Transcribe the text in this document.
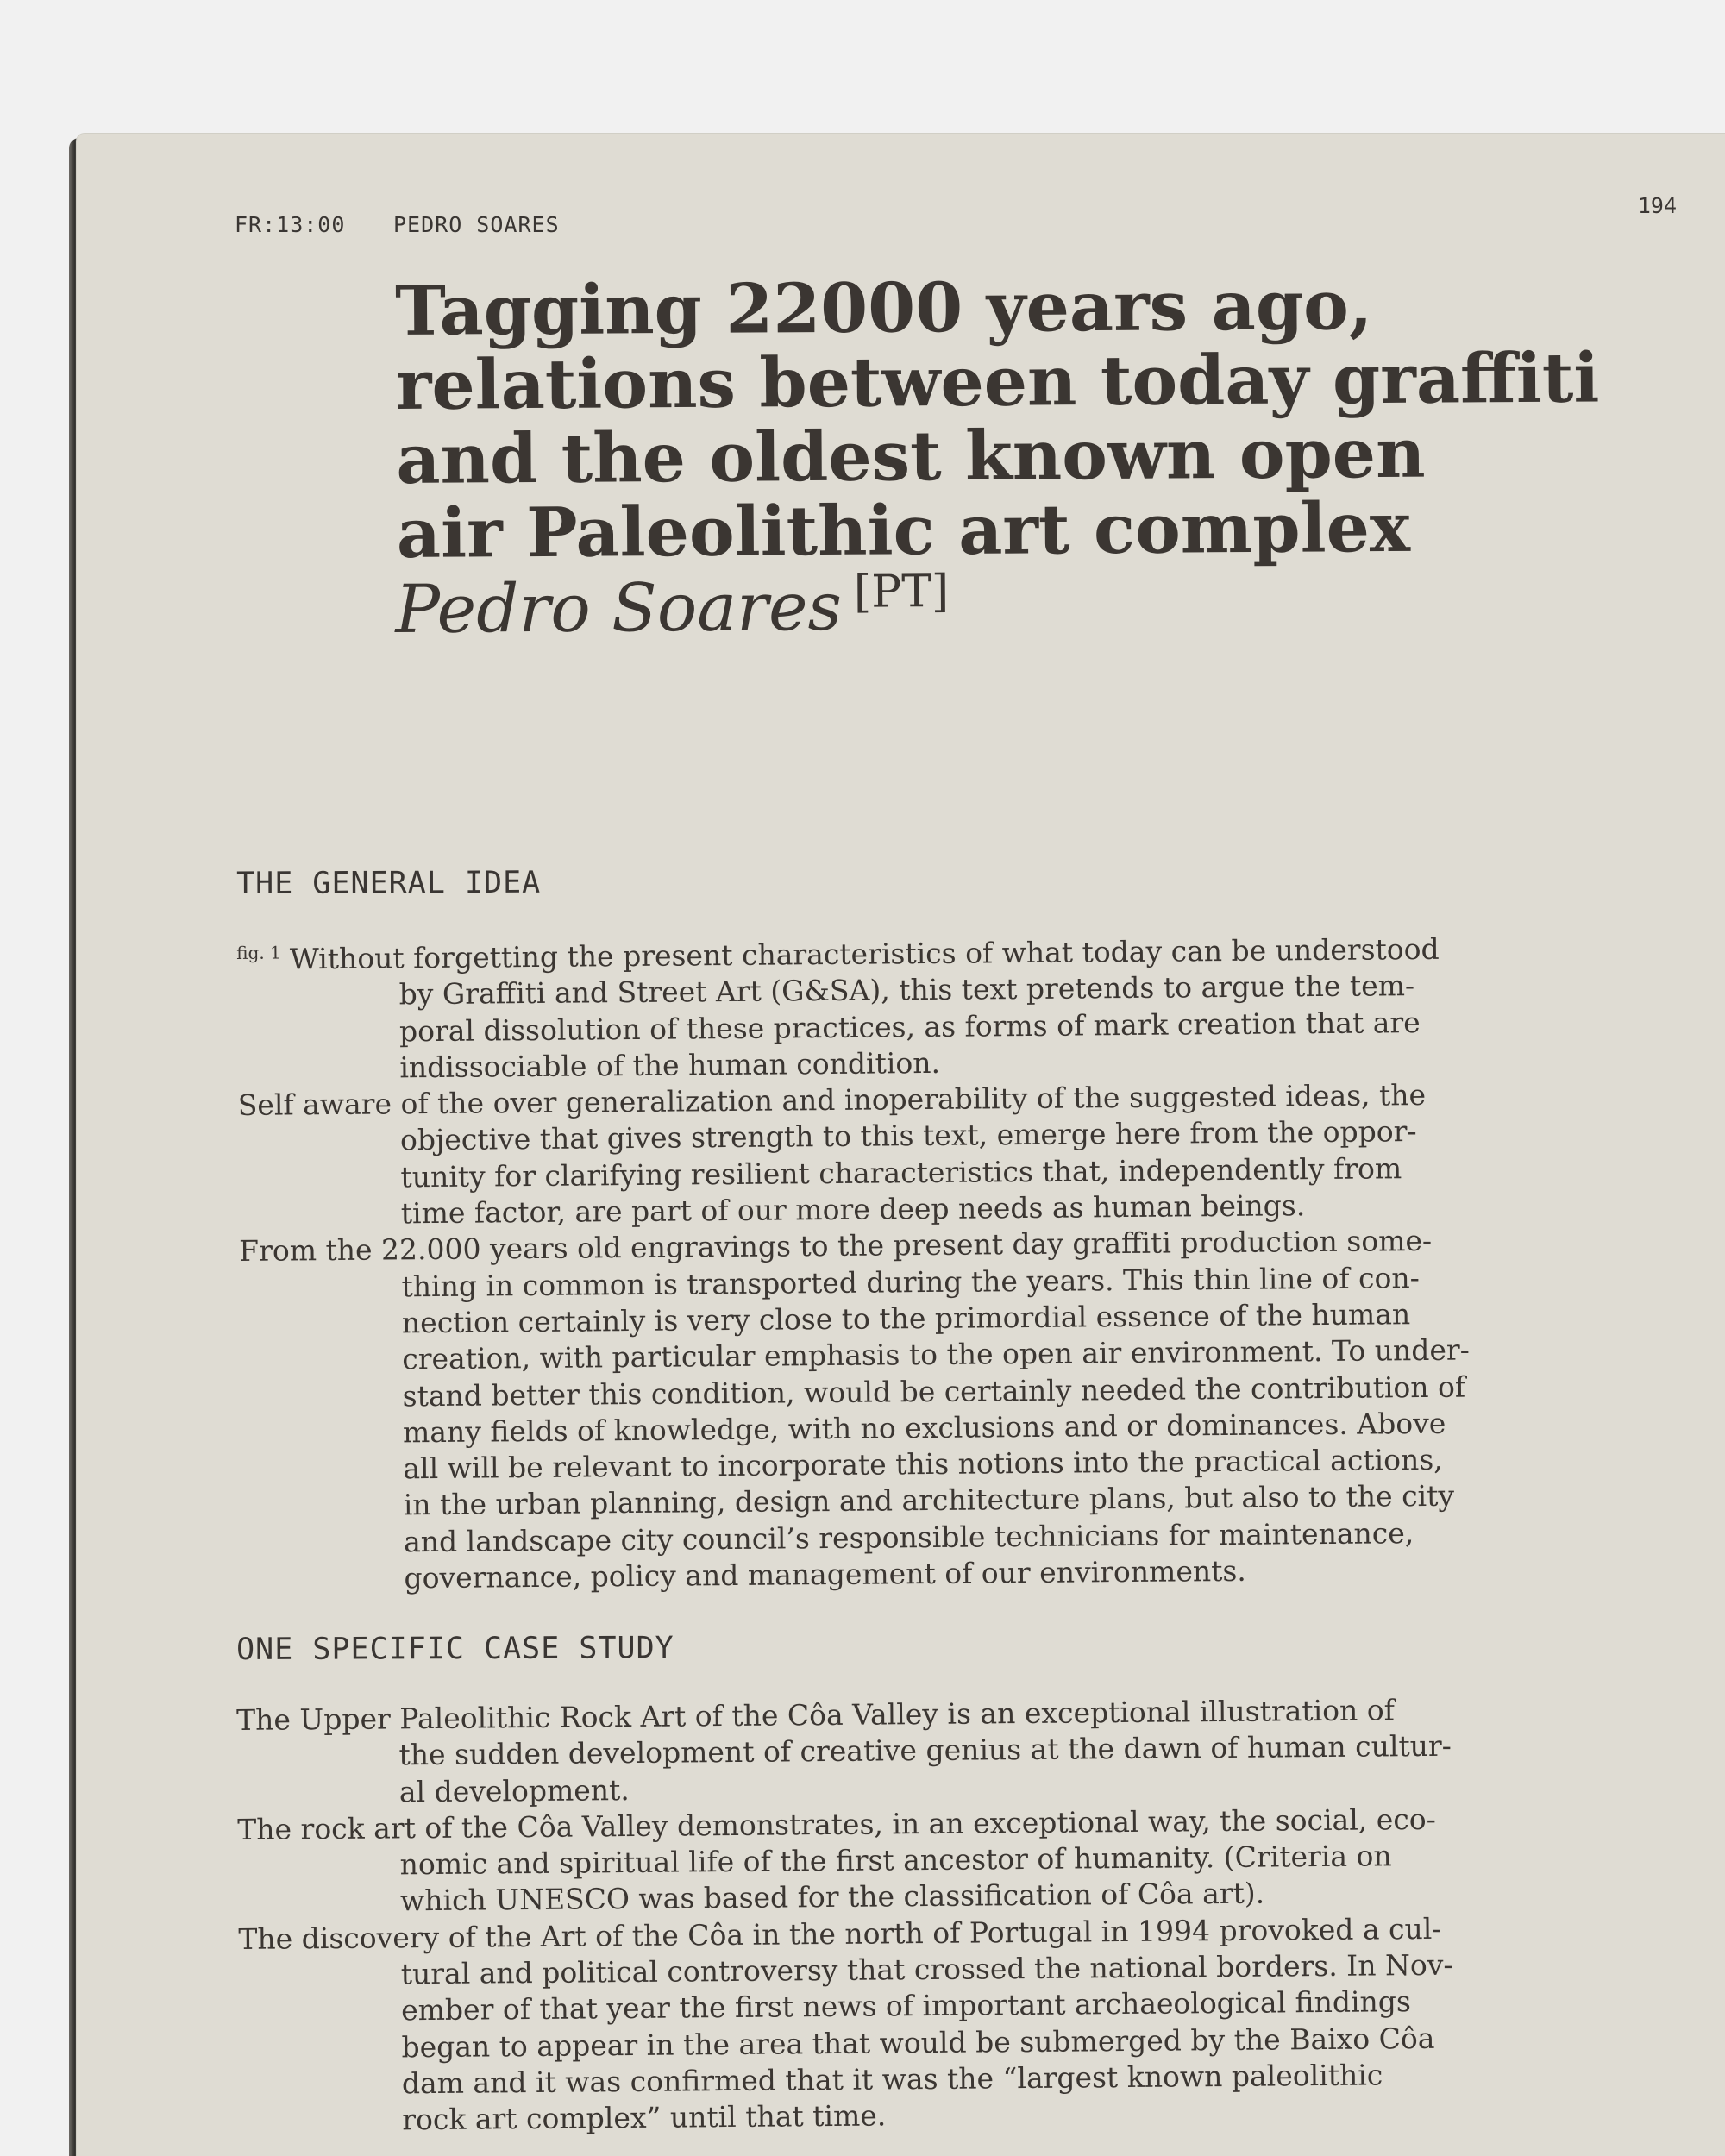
FR:13:00 PEDRO SOARES
194
Tagging 22000 years ago,
relations between today graffiti
and the oldest known open
air Paleolithic art complex
Pedro Soares [PT]
THE GENERAL IDEA
$^{fig. 1}$ Without forgetting the present characteristics of what today can be understood
by Graffiti and Street Art (G&SA), this text pretends to argue the tem-
poral dissolution of these practices, as forms of mark creation that are
indissociable of the human condition.
Self aware of the over generalization and inoperability of the suggested ideas, the
objective that gives strength to this text, emerge here from the oppor-
tunity for clarifying resilient characteristics that, independently from
time factor, are part of our more deep needs as human beings.
From the 22.000 years old engravings to the present day graffiti production some-
thing in common is transported during the years. This thin line of con-
nection certainly is very close to the primordial essence of the human
creation, with particular emphasis to the open air environment. To under-
stand better this condition, would be certainly needed the contribution of
many fields of knowledge, with no exclusions and or dominances. Above
all will be relevant to incorporate this notions into the practical actions,
in the urban planning, design and architecture plans, but also to the city
and landscape city council’s responsible technicians for maintenance,
governance, policy and management of our environments.
ONE SPECIFIC CASE STUDY
The Upper Paleolithic Rock Art of the Côa Valley is an exceptional illustration of
the sudden development of creative genius at the dawn of human cultur-
al development.
The rock art of the Côa Valley demonstrates, in an exceptional way, the social, eco-
nomic and spiritual life of the first ancestor of humanity. (Criteria on
which UNESCO was based for the classification of Côa art).
The discovery of the Art of the Côa in the north of Portugal in 1994 provoked a cul-
tural and political controversy that crossed the national borders. In Nov-
ember of that year the first news of important archaeological findings
began to appear in the area that would be submerged by the Baixo Côa
dam and it was confirmed that it was the “largest known paleolithic
rock art complex” until that time.
